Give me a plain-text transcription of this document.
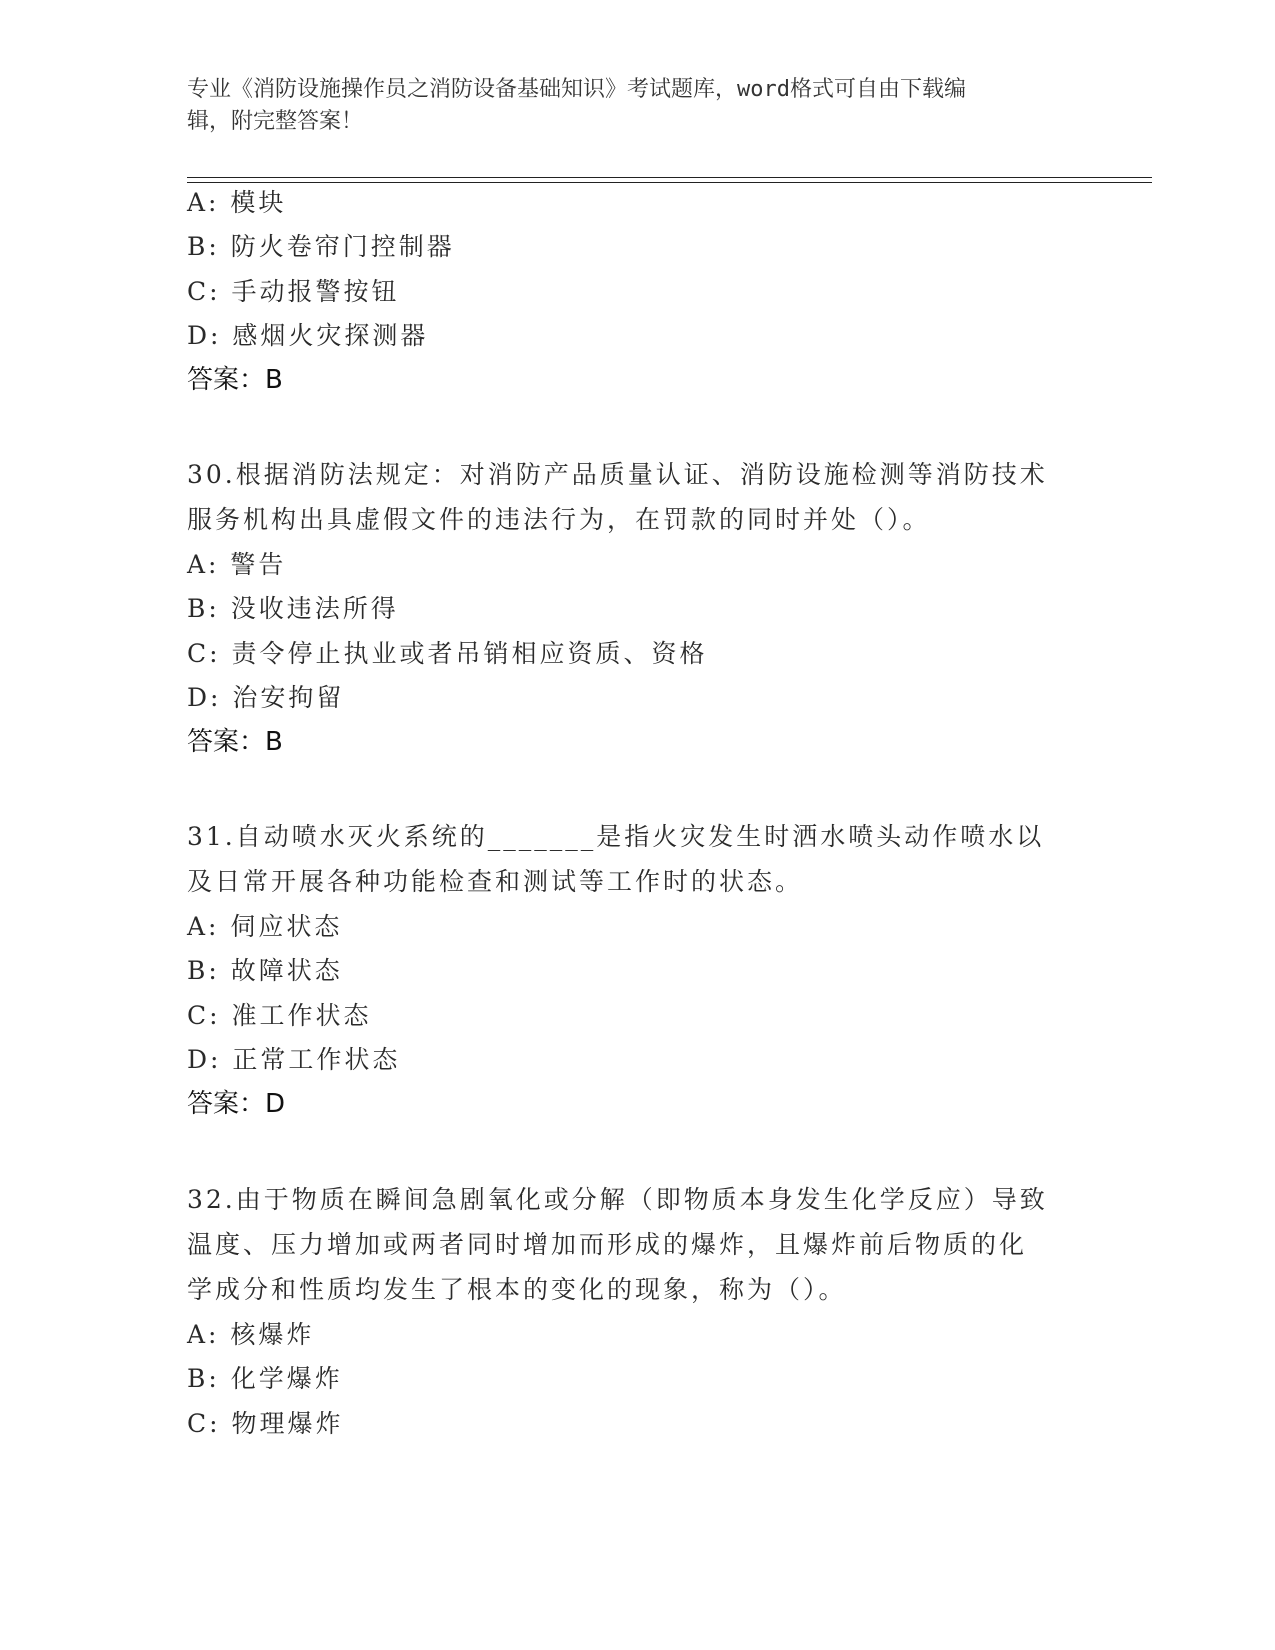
专业《消防设施操作员之消防设备基础知识》考试题库，word格式可自由下载编
辑，附完整答案！
A: 模块
B: 防火卷帘门控制器
C: 手动报警按钮
D: 感烟火灾探测器
答案：B
30.根据消防法规定：对消防产品质量认证、消防设施检测等消防技术
服务机构出具虚假文件的违法行为，在罚款的同时并处（）。
A: 警告
B: 没收违法所得
C: 责令停止执业或者吊销相应资质、资格
D: 治安拘留
答案：B
31.自动喷水灭火系统的_______是指火灾发生时洒水喷头动作喷水以
及日常开展各种功能检查和测试等工作时的状态。
A: 伺应状态
B: 故障状态
C: 准工作状态
D: 正常工作状态
答案：D
32.由于物质在瞬间急剧氧化或分解（即物质本身发生化学反应）导致
温度、压力增加或两者同时增加而形成的爆炸，且爆炸前后物质的化
学成分和性质均发生了根本的变化的现象，称为（）。
A: 核爆炸
B: 化学爆炸
C: 物理爆炸
